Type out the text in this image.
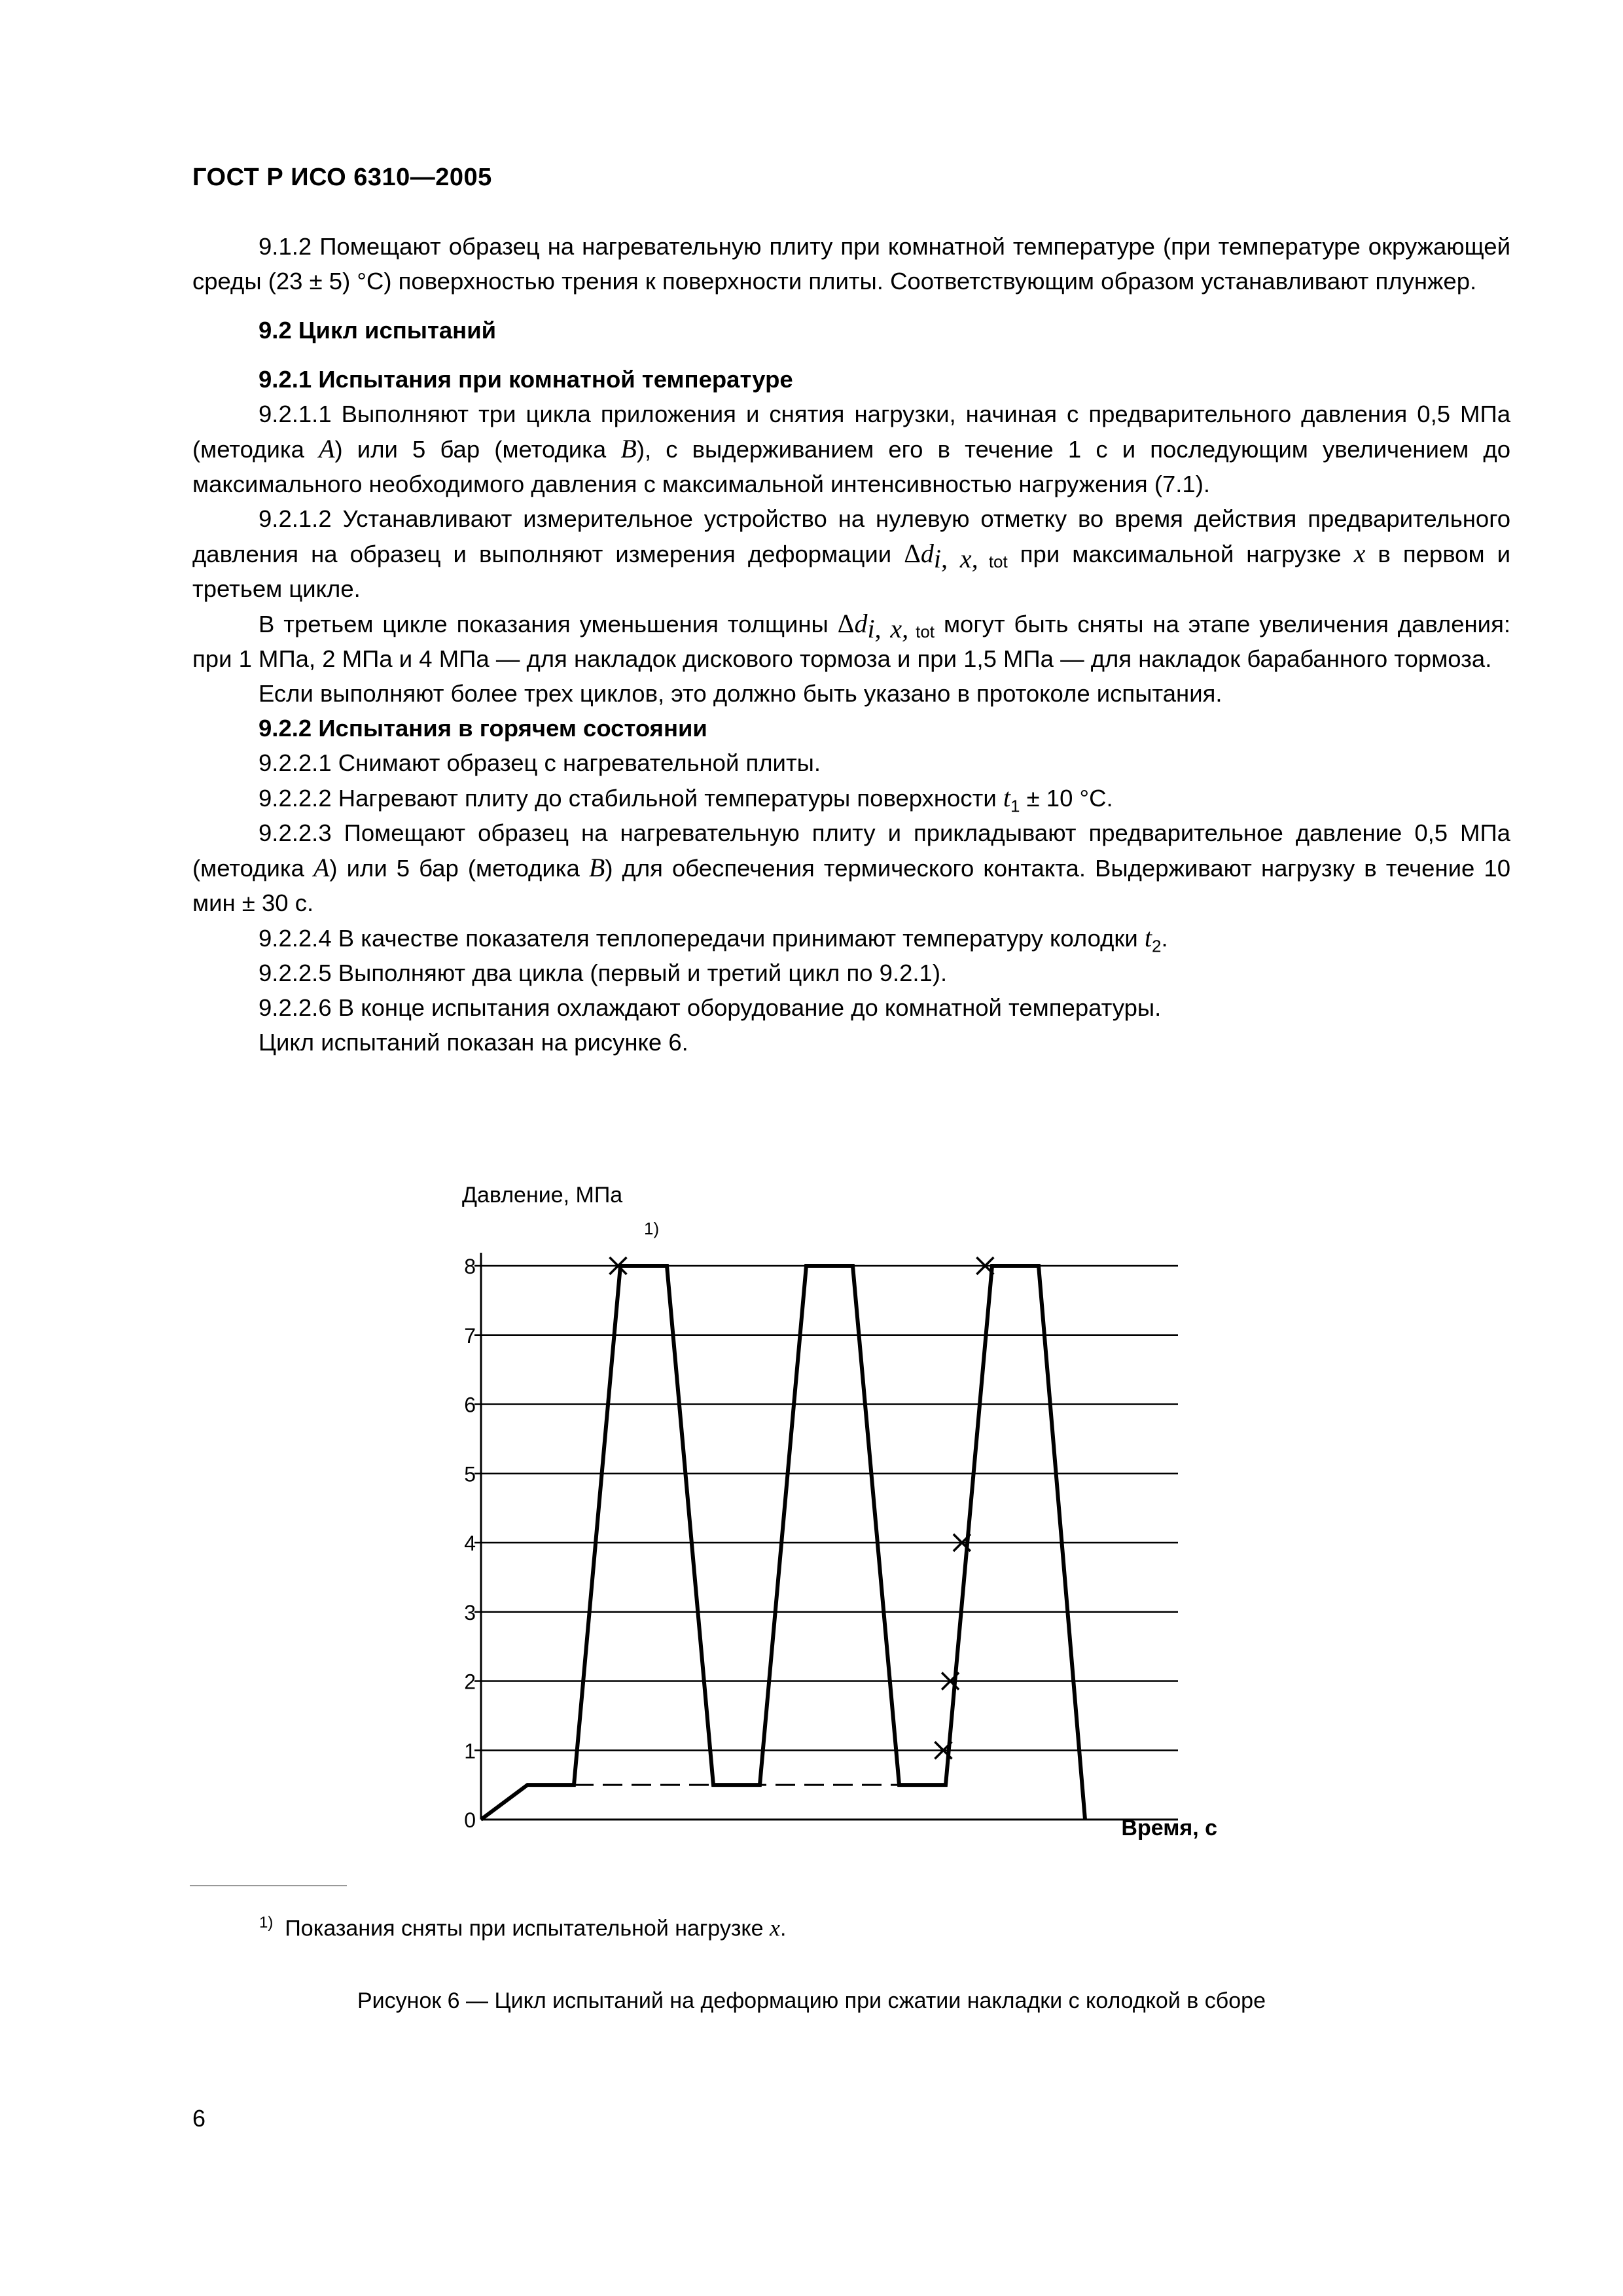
ГОСТ Р ИСО 6310—2005

9.1.2 Помещают образец на нагревательную плиту при комнатной температуре (при температуре окружающей среды (23 ± 5) °С) поверхностью трения к поверхности плиты. Соответствующим образом устанавливают плунжер.

9.2 Цикл испытаний

9.2.1 Испытания при комнатной температуре

9.2.1.1 Выполняют три цикла приложения и снятия нагрузки, начиная с предварительного давления 0,5 МПа (методика A) или 5 бар (методика B), с выдерживанием его в течение 1 с и последующим увеличением до максимального необходимого давления с максимальной интенсивностью нагружения (7.1).

9.2.1.2 Устанавливают измерительное устройство на нулевую отметку во время действия предварительного давления на образец и выполняют измерения деформации $\Delta d_{i, x, tot}$ при максимальной нагрузке x в первом и третьем цикле.

В третьем цикле показания уменьшения толщины $\Delta d_{i, x, tot}$ могут быть сняты на этапе увеличения давления: при 1 МПа, 2 МПа и 4 МПа — для накладок дискового тормоза и при 1,5 МПа — для накладок барабанного тормоза.

Если выполняют более трех циклов, это должно быть указано в протоколе испытания.

9.2.2 Испытания в горячем состоянии

9.2.2.1 Снимают образец с нагревательной плиты.

9.2.2.2 Нагревают плиту до стабильной температуры поверхности $t_1 \pm 10$ °С.

9.2.2.3 Помещают образец на нагревательную плиту и прикладывают предварительное давление 0,5 МПа (методика A) или 5 бар (методика B) для обеспечения термического контакта. Выдерживают нагрузку в течение 10 мин ± 30 с.

9.2.2.4 В качестве показателя теплопередачи принимают температуру колодки $t_2$.

9.2.2.5 Выполняют два цикла (первый и третий цикл по 9.2.1).

9.2.2.6 В конце испытания охлаждают оборудование до комнатной температуры.

Цикл испытаний показан на рисунке 6.

Давление, МПа
Время, с
1)
0
1
2
3
4
5
6
7
8
$^{1)}$ Показания сняты при испытательной нагрузке x.
Рисунок 6 — Цикл испытаний на деформацию при сжатии накладки с колодкой в сборе
6
